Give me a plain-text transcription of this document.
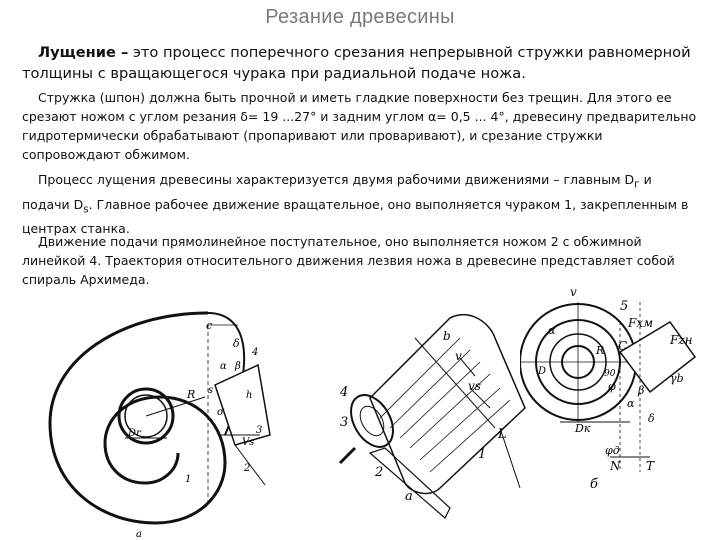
Резание древесины
Лущение – это процесс поперечного срезания непрерывной стружки равномерной толщины с вращающегося чурака при радиальной подаче ножа.
Стружка (шпон) должна быть прочной и иметь гладкие поверхности без трещин. Для этого ее срезают ножом с углом резания δ= 19 ...27° и задним углом α= 0,5 ... 4°, древесину предварительно гидротермически обрабатывают (пропаривают или проваривают), и срезание стружки сопровождают обжимом.
Процесс лущения древесины характеризуется двумя рабочими движениями – главным $D_г$ и подачи $D_s$. Главное рабочее движение вращательное, оно выполняется чураком 1, закрепленным в центрах станка.
Движение подачи прямолинейное поступательное, оно выполняется ножом 2 с обжимной линейкой 4. Траектория относительного движения лезвия ножа в древесине представляет собой спираль Архимеда.
c
δ
4
α β
R s	h
σ
3
Vs
Dr
1
2
a
b
v
vs
4
3
1
2
L
a
v
5
α
R
Fхм
Fzн
C
D	90
φ
γb
Dк
α
β
δ
φд
N T
б
